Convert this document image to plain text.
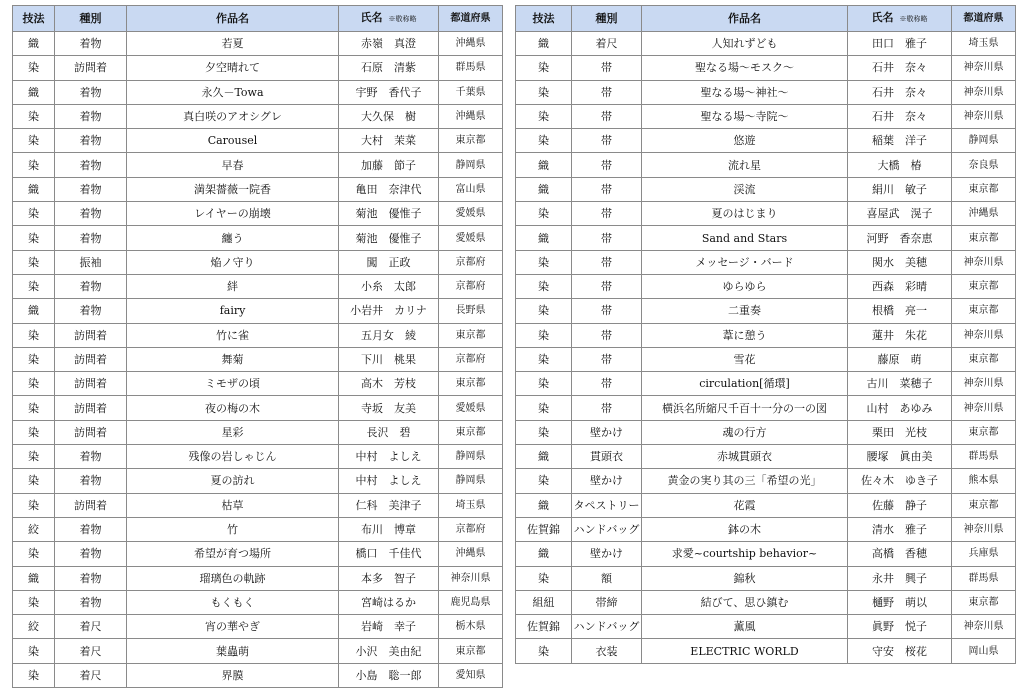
技法	種別	作品名	氏名 ※敬称略	都道府県
織	着物	若夏	赤嶺　真澄	沖縄県
染	訪問着	夕空晴れて	石原　清紫	群馬県
織	着物	永久－Towa	宇野　香代子	千葉県
染	着物	真白咲のアオシグレ	大久保　樹	沖縄県
染	着物	Carousel	大村　茉菜	東京都
染	着物	早春	加藤　節子	静岡県
織	着物	満架薔薇一院香	亀田　奈津代	富山県
染	着物	レイヤーの崩壊	菊池　優惟子	愛媛県
染	着物	纏う	菊池　優惟子	愛媛県
染	振袖	焔ノ守り	闖　正政	京都府
染	着物	絆	小糸　太郎	京都府
織	着物	fairy	小岩井　カリナ	長野県
染	訪問着	竹に雀	五月女　綾	東京都
染	訪問着	舞菊	下川　桃果	京都府
染	訪問着	ミモザの頃	高木　芳枝	東京都
染	訪問着	夜の梅の木	寺坂　友美	愛媛県
染	訪問着	星彩	長沢　碧	東京都
染	着物	残像の岩しゃじん	中村　よしえ	静岡県
染	着物	夏の訪れ	中村　よしえ	静岡県
染	訪問着	枯草	仁科　美津子	埼玉県
絞	着物	竹	布川　博章	京都府
染	着物	希望が育つ場所	橋口　千佳代	沖縄県
織	着物	瑠璃色の軌跡	本多　智子	神奈川県
染	着物	もくもく	宮崎はるか	鹿児島県
絞	着尺	宵の華やぎ	岩崎　幸子	栃木県
染	着尺	葉蟲萌	小沢　美由紀	東京都
染	着尺	界膜	小島　聡一郎	愛知県
技法	種別	作品名	氏名 ※敬称略	都道府県
織	着尺	人知れずども	田口　雅子	埼玉県
染	帯	聖なる場～モスク～	石井　奈々	神奈川県
染	帯	聖なる場～神社～	石井　奈々	神奈川県
染	帯	聖なる場～寺院～	石井　奈々	神奈川県
染	帯	悠遊	稲葉　洋子	静岡県
織	帯	流れ星	大橋　椿	奈良県
織	帯	渓流	絹川　敏子	東京都
染	帯	夏のはじまり	喜屋武　滉子	沖縄県
織	帯	Sand and Stars	河野　香奈恵	東京都
染	帯	メッセージ・バード	関水　美穂	神奈川県
染	帯	ゆらゆら	西森　彩晴	東京都
染	帯	二重奏	根橋　亮一	東京都
染	帯	葦に憩う	蓮井　朱花	神奈川県
染	帯	雪花	藤原　萌	東京都
染	帯	circulation[循環]	古川　菜穂子	神奈川県
染	帯	横浜名所縮尺千百十一分の一の図	山村　あゆみ	神奈川県
染	壁かけ	魂の行方	栗田　光枝	東京都
織	貫頭衣	赤城貫頭衣	腰塚　眞由美	群馬県
染	壁かけ	黄金の実り其の三「希望の光」	佐々木　ゆき子	熊本県
織	タペストリー	花霞	佐藤　静子	東京都
佐賀錦	ハンドバッグ	鉢の木	清水　雅子	神奈川県
織	壁かけ	求愛~courtship behavior~	高橋　香穂	兵庫県
染	額	錦秋	永井　興子	群馬県
組紐	帯締	結びて、思ひ鎮む	樋野　萌以	東京都
佐賀錦	ハンドバッグ	薫風	眞野　悦子	神奈川県
染	衣装	ELECTRIC WORLD	守安　桜花	岡山県
